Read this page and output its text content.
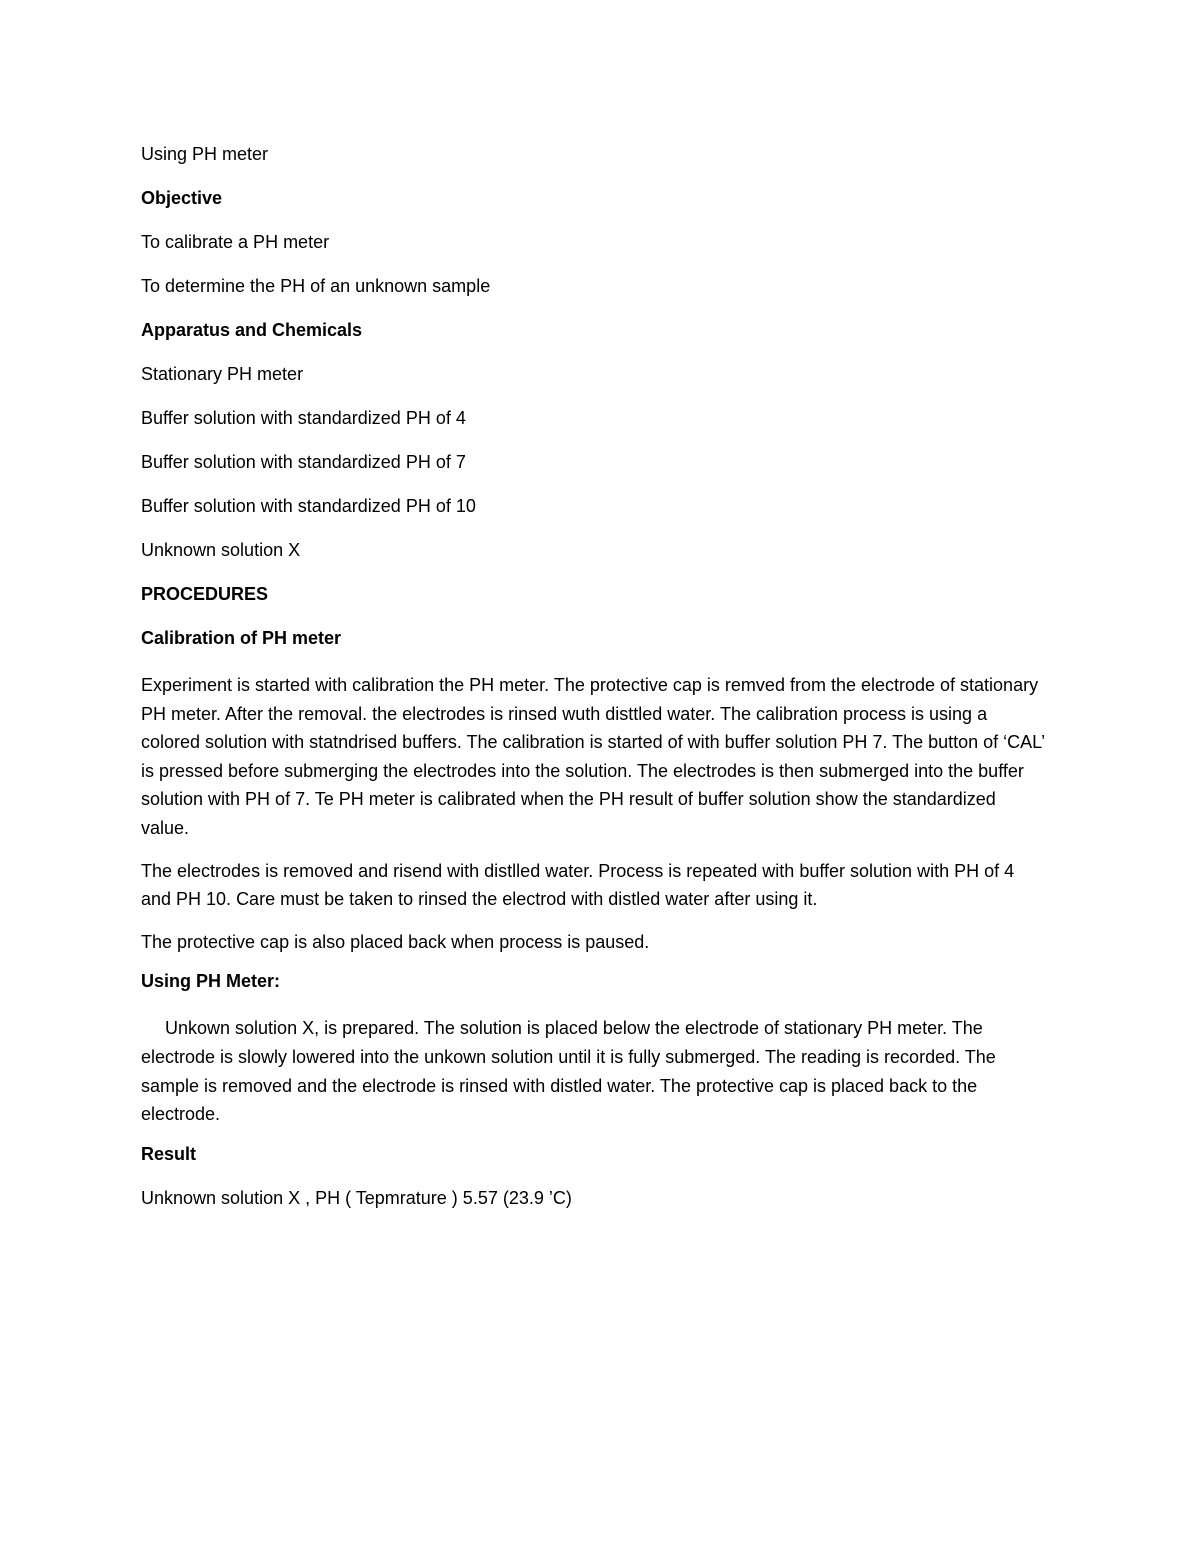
Using PH meter

Objective

To calibrate a PH meter

To determine the PH of an unknown sample

Apparatus and Chemicals

Stationary PH meter

Buffer solution with standardized PH of 4

Buffer solution with standardized PH of 7

Buffer solution with standardized PH of 10

Unknown solution X

PROCEDURES

Calibration of PH meter

Experiment is started with calibration the PH meter. The protective cap is remved from the electrode of stationary PH meter. After the removal. the electrodes is rinsed wuth disttled water. The calibration process is using a colored solution with statndrised buffers. The calibration is started of with buffer solution PH 7. The button of ‘CAL’ is pressed before submerging the electrodes into the solution. The electrodes is then submerged into the buffer solution with PH of 7. Te PH meter is calibrated when the PH result of buffer solution show the standardized value.

The electrodes is removed and risend with distlled water. Process is repeated with buffer solution with PH of 4 and PH 10. Care must be taken to rinsed the electrod with distled water after using it.

The protective cap is also placed back when process is paused.

Using PH Meter:

Unkown solution X, is prepared. The solution is placed below the electrode of stationary PH meter. The electrode is slowly lowered into the unkown solution until it is fully submerged. The reading is recorded. The sample is removed and the electrode is rinsed with distled water. The protective cap is placed back to the electrode.

Result

Unknown solution X , PH ( Tepmrature ) 5.57 (23.9 ’C)
